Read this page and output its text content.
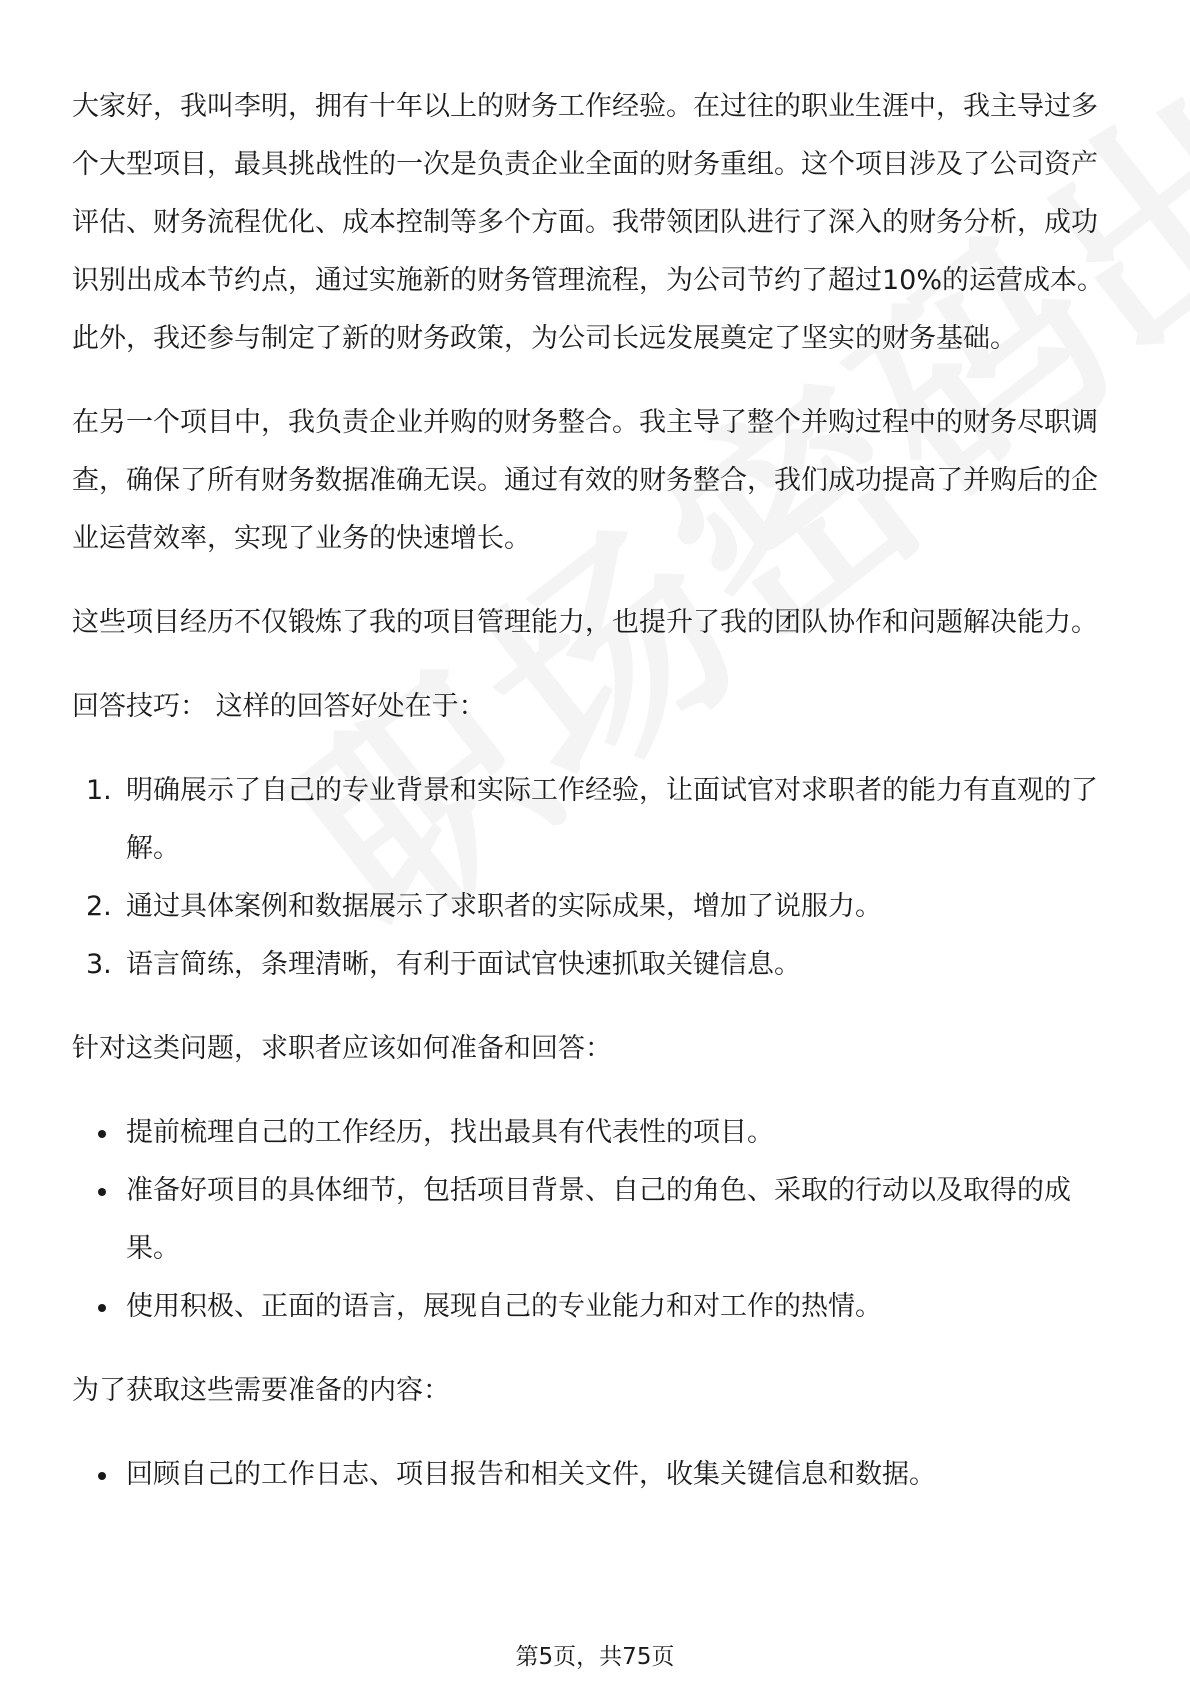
大家好，我叫李明，拥有十年以上的财务工作经验。在过往的职业生涯中，我主导过多个大型项目，最具挑战性的一次是负责企业全面的财务重组。这个项目涉及了公司资产评估、财务流程优化、成本控制等多个方面。我带领团队进行了深入的财务分析，成功识别出成本节约点，通过实施新的财务管理流程，为公司节约了超过10%的运营成本。此外，我还参与制定了新的财务政策，为公司长远发展奠定了坚实的财务基础。

在另一个项目中，我负责企业并购的财务整合。我主导了整个并购过程中的财务尽职调查，确保了所有财务数据准确无误。通过有效的财务整合，我们成功提高了并购后的企业运营效率，实现了业务的快速增长。

这些项目经历不仅锻炼了我的项目管理能力，也提升了我的团队协作和问题解决能力。

回答技巧： 这样的回答好处在于：

1. 明确展示了自己的专业背景和实际工作经验，让面试官对求职者的能力有直观的了解。
2. 通过具体案例和数据展示了求职者的实际成果，增加了说服力。
3. 语言简练，条理清晰，有利于面试官快速抓取关键信息。

针对这类问题，求职者应该如何准备和回答：

提前梳理自己的工作经历，找出最具有代表性的项目。
准备好项目的具体细节，包括项目背景、自己的角色、采取的行动以及取得的成果。
使用积极、正面的语言，展现自己的专业能力和对工作的热情。

为了获取这些需要准备的内容：

回顾自己的工作日志、项目报告和相关文件，收集关键信息和数据。
第5页，共75页
